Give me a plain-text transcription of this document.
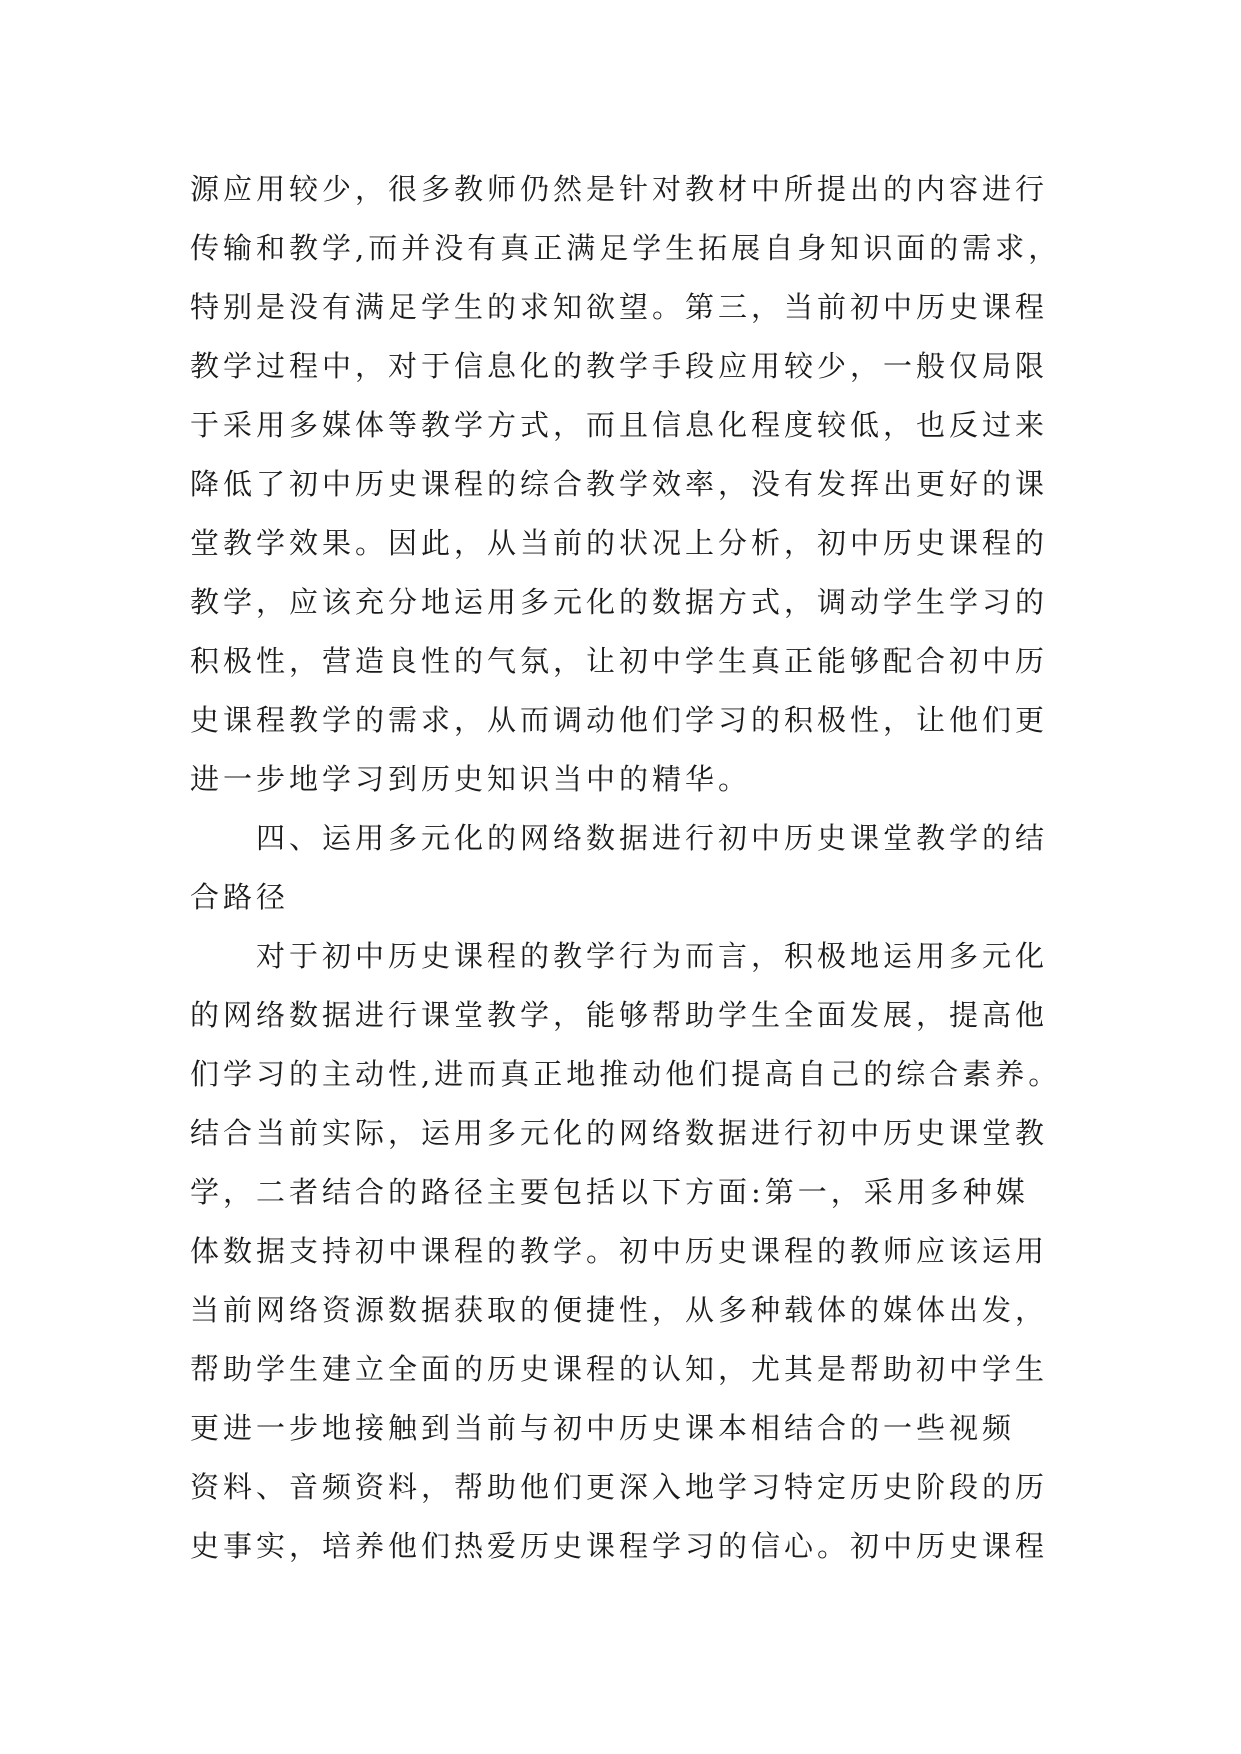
源应用较少，很多教师仍然是针对教材中所提出的内容进行
传输和教学,而并没有真正满足学生拓展自身知识面的需求，
特别是没有满足学生的求知欲望。第三，当前初中历史课程
教学过程中，对于信息化的教学手段应用较少，一般仅局限
于采用多媒体等教学方式，而且信息化程度较低，也反过来
降低了初中历史课程的综合教学效率，没有发挥出更好的课
堂教学效果。因此，从当前的状况上分析，初中历史课程的
教学，应该充分地运用多元化的数据方式，调动学生学习的
积极性，营造良性的气氛，让初中学生真正能够配合初中历
史课程教学的需求，从而调动他们学习的积极性，让他们更
进一步地学习到历史知识当中的精华。
四、运用多元化的网络数据进行初中历史课堂教学的结
合路径
对于初中历史课程的教学行为而言，积极地运用多元化
的网络数据进行课堂教学，能够帮助学生全面发展，提高他
们学习的主动性,进而真正地推动他们提高自己的综合素养。
结合当前实际，运用多元化的网络数据进行初中历史课堂教
学，二者结合的路径主要包括以下方面:第一，采用多种媒
体数据支持初中课程的教学。初中历史课程的教师应该运用
当前网络资源数据获取的便捷性，从多种载体的媒体出发，
帮助学生建立全面的历史课程的认知，尤其是帮助初中学生
更进一步地接触到当前与初中历史课本相结合的一些视频
资料、音频资料，帮助他们更深入地学习特定历史阶段的历
史事实，培养他们热爱历史课程学习的信心。初中历史课程
